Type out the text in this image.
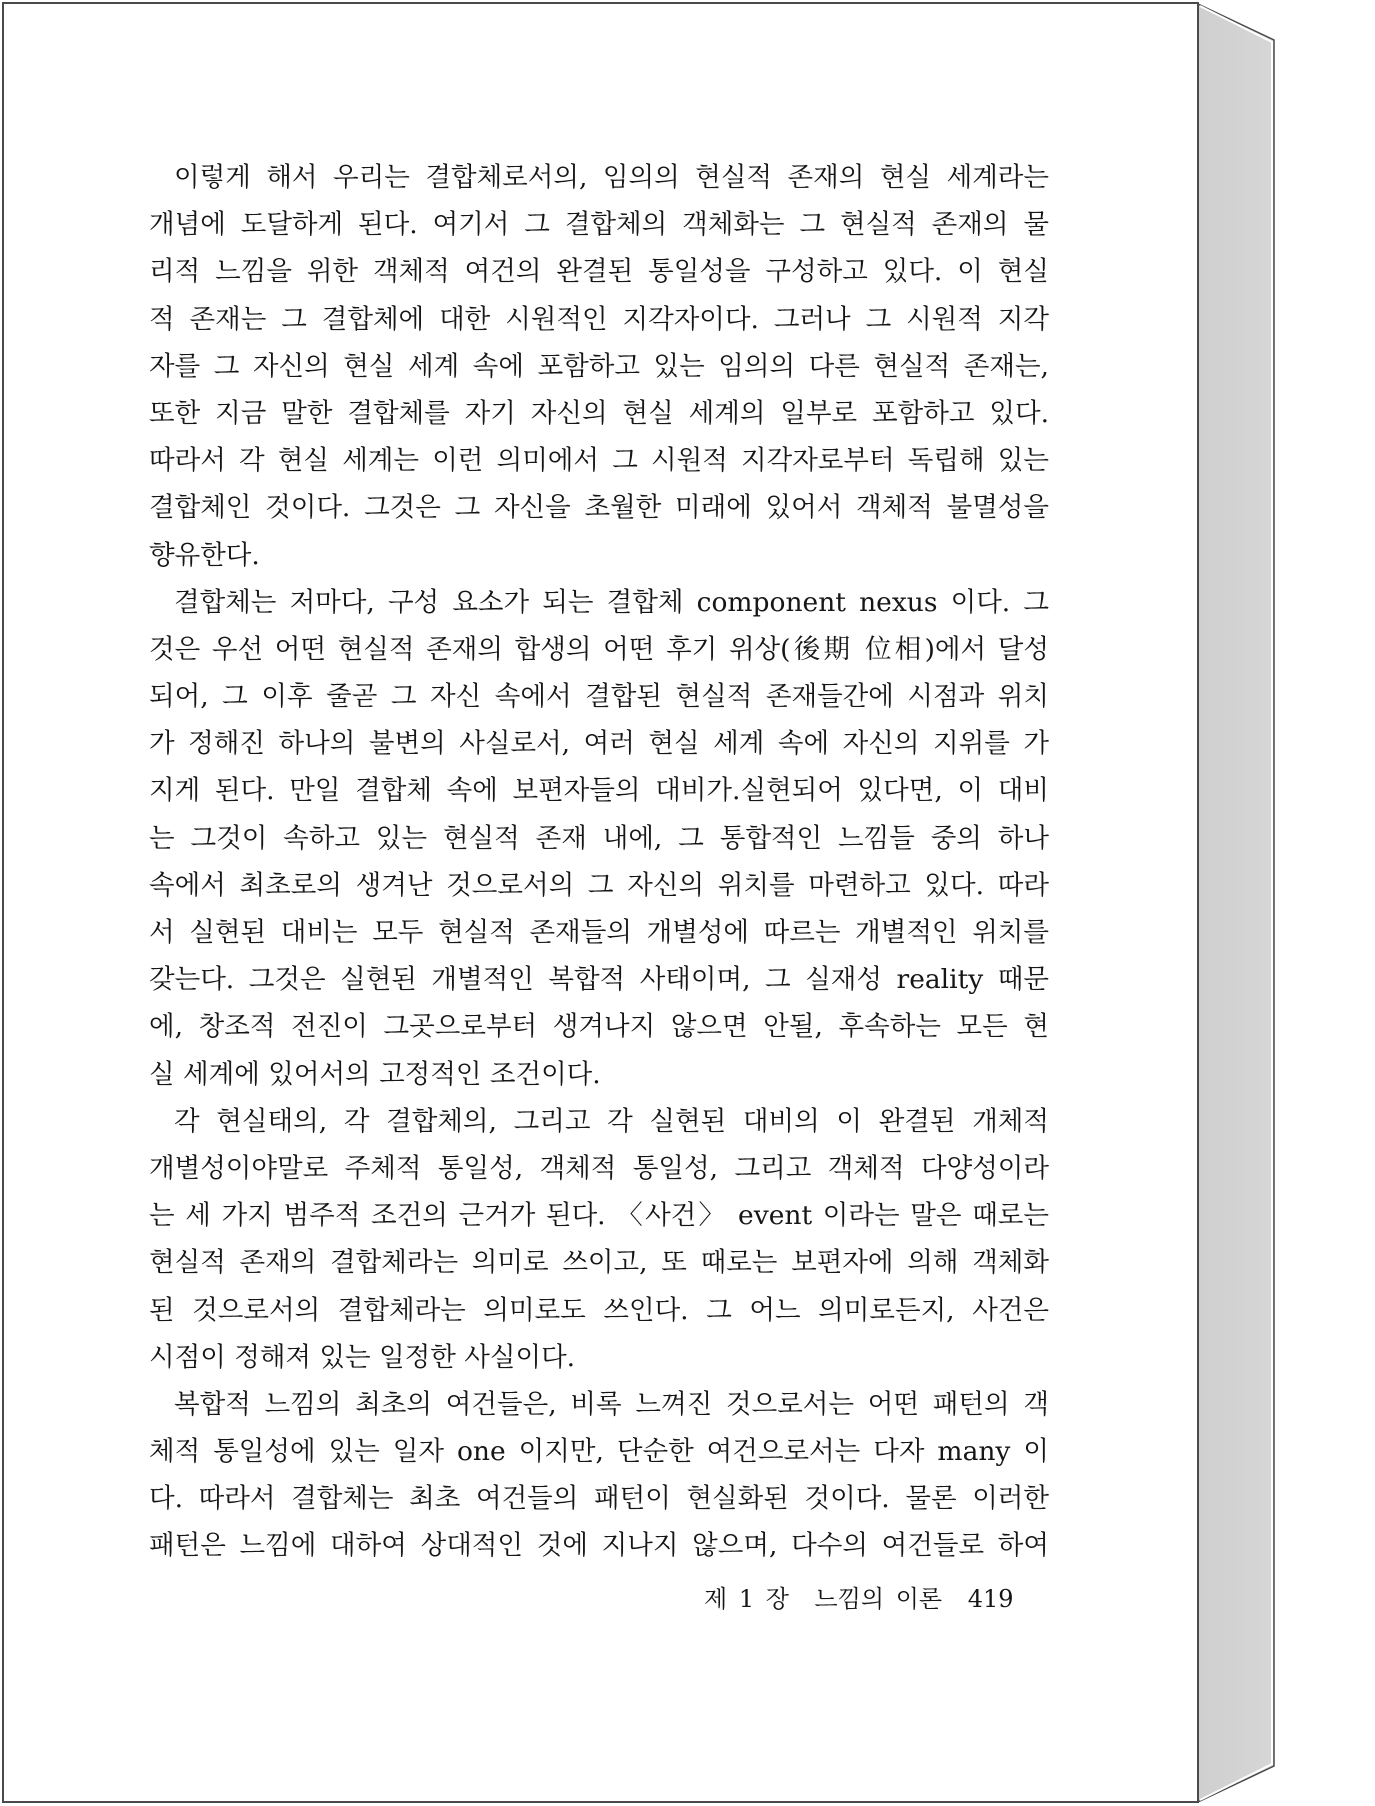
이렇게 해서 우리는 결합체로서의, 임의의 현실적 존재의 현실 세계라는
개념에 도달하게 된다. 여기서 그 결합체의 객체화는 그 현실적 존재의 물
리적 느낌을 위한 객체적 여건의 완결된 통일성을 구성하고 있다. 이 현실
적 존재는 그 결합체에 대한 시원적인 지각자이다. 그러나 그 시원적 지각
자를 그 자신의 현실 세계 속에 포함하고 있는 임의의 다른 현실적 존재는,
또한 지금 말한 결합체를 자기 자신의 현실 세계의 일부로 포함하고 있다.
따라서 각 현실 세계는 이런 의미에서 그 시원적 지각자로부터 독립해 있는
결합체인 것이다. 그것은 그 자신을 초월한 미래에 있어서 객체적 불멸성을
향유한다.

결합체는 저마다, 구성 요소가 되는 결합체 component nexus 이다. 그
것은 우선 어떤 현실적 존재의 합생의 어떤 후기 위상(後期 位相)에서 달성
되어, 그 이후 줄곧 그 자신 속에서 결합된 현실적 존재들간에 시점과 위치
가 정해진 하나의 불변의 사실로서, 여러 현실 세계 속에 자신의 지위를 가
지게 된다. 만일 결합체 속에 보편자들의 대비가.실현되어 있다면, 이 대비
는 그것이 속하고 있는 현실적 존재 내에, 그 통합적인 느낌들 중의 하나
속에서 최초로의 생겨난 것으로서의 그 자신의 위치를 마련하고 있다. 따라
서 실현된 대비는 모두 현실적 존재들의 개별성에 따르는 개별적인 위치를
갖는다. 그것은 실현된 개별적인 복합적 사태이며, 그 실재성 reality 때문
에, 창조적 전진이 그곳으로부터 생겨나지 않으면 안될, 후속하는 모든 현
실 세계에 있어서의 고정적인 조건이다.

각 현실태의, 각 결합체의, 그리고 각 실현된 대비의 이 완결된 개체적
개별성이야말로 주체적 통일성, 객체적 통일성, 그리고 객체적 다양성이라
는 세 가지 범주적 조건의 근거가 된다. 〈사건〉 event 이라는 말은 때로는
현실적 존재의 결합체라는 의미로 쓰이고, 또 때로는 보편자에 의해 객체화
된 것으로서의 결합체라는 의미로도 쓰인다. 그 어느 의미로든지, 사건은
시점이 정해져 있는 일정한 사실이다.

복합적 느낌의 최초의 여건들은, 비록 느껴진 것으로서는 어떤 패턴의 객
체적 통일성에 있는 일자 one 이지만, 단순한 여건으로서는 다자 many 이
다. 따라서 결합체는 최초 여건들의 패턴이 현실화된 것이다. 물론 이러한
패턴은 느낌에 대하여 상대적인 것에 지나지 않으며, 다수의 여건들로 하여

제 1 장 느낌의 이론 419
